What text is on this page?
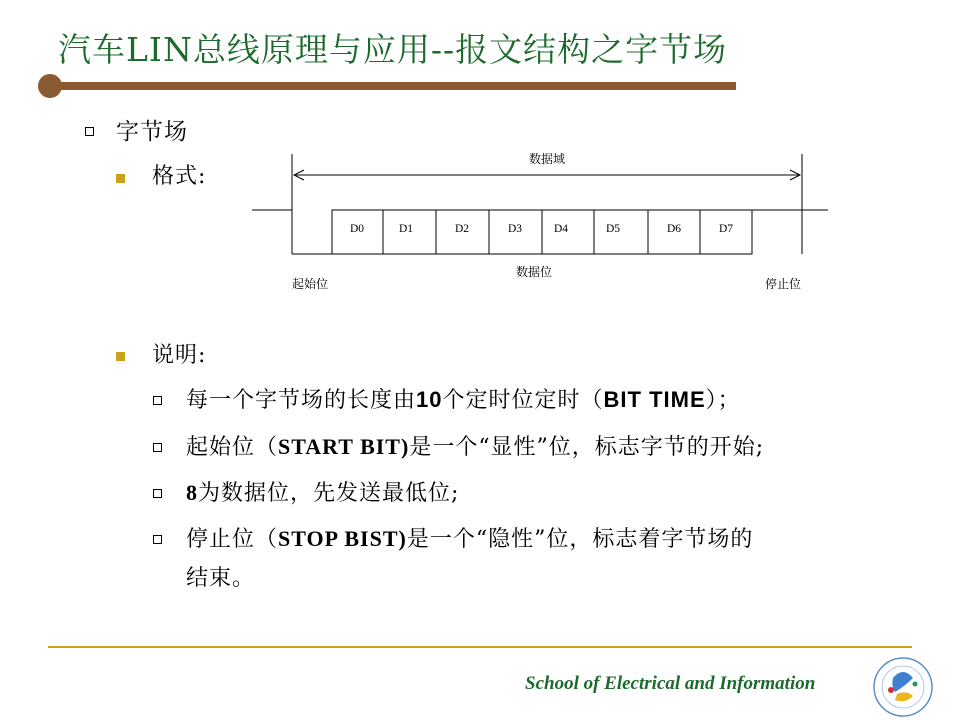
汽车LIN总线原理与应用--报文结构之字节场
字节场
格式:
数据域
D0	D1	D2	D3	D4	D5	D6	D7
数据位
起始位	停止位
说明:
每一个字节场的长度由10个定时位定时（BIT TIME）；
起始位（START BIT)是一个“显性”位，标志字节的开始;
8为数据位，先发送最低位;
停止位（STOP BIST)是一个“隐性”位，标志着字节场的
结束。
School of Electrical and Information
